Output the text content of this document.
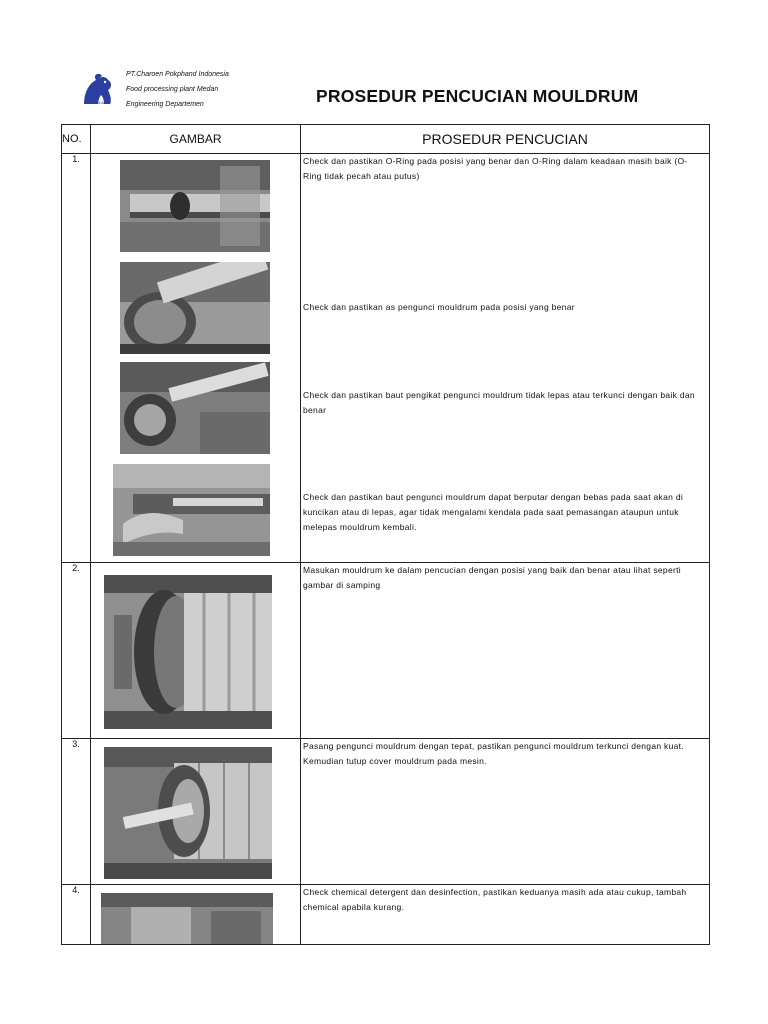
POKPHAND
PT.Charoen Pokphand Indonesia
Food processing plant Medan
Engineering Departemen	PROSEDUR PENCUCIAN MOULDRUM
NO.	GAMBAR	PROSEDUR PENCUCIAN
1.		Check dan pastikan O-Ring pada posisi yang benar dan O-Ring dalam keadaan masih baik (O-Ring tidak pecah atau putus)
Check dan pastikan as pengunci mouldrum pada posisi yang benar
Check dan pastikan baut pengikat pengunci mouldrum tidak lepas atau terkunci dengan baik dan benar
Check dan pastikan baut pengunci mouldrum dapat berputar dengan bebas pada saat akan di kuncikan atau di lepas, agar tidak mengalami kendala pada saat pemasangan ataupun untuk melepas mouldrum kembali.

2.		Masukan mouldrum ke dalam pencucian dengan posisi yang baik dan benar atau lihat seperti gambar di samping

3.		Pasang pengunci mouldrum dengan tepat, pastikan pengunci mouldrum terkunci dengan kuat. Kemudian tutup cover mouldrum pada mesin.

4.		Check chemical detergent dan desinfection, pastikan keduanya masih ada atau cukup, tambah chemical apabila kurang.
